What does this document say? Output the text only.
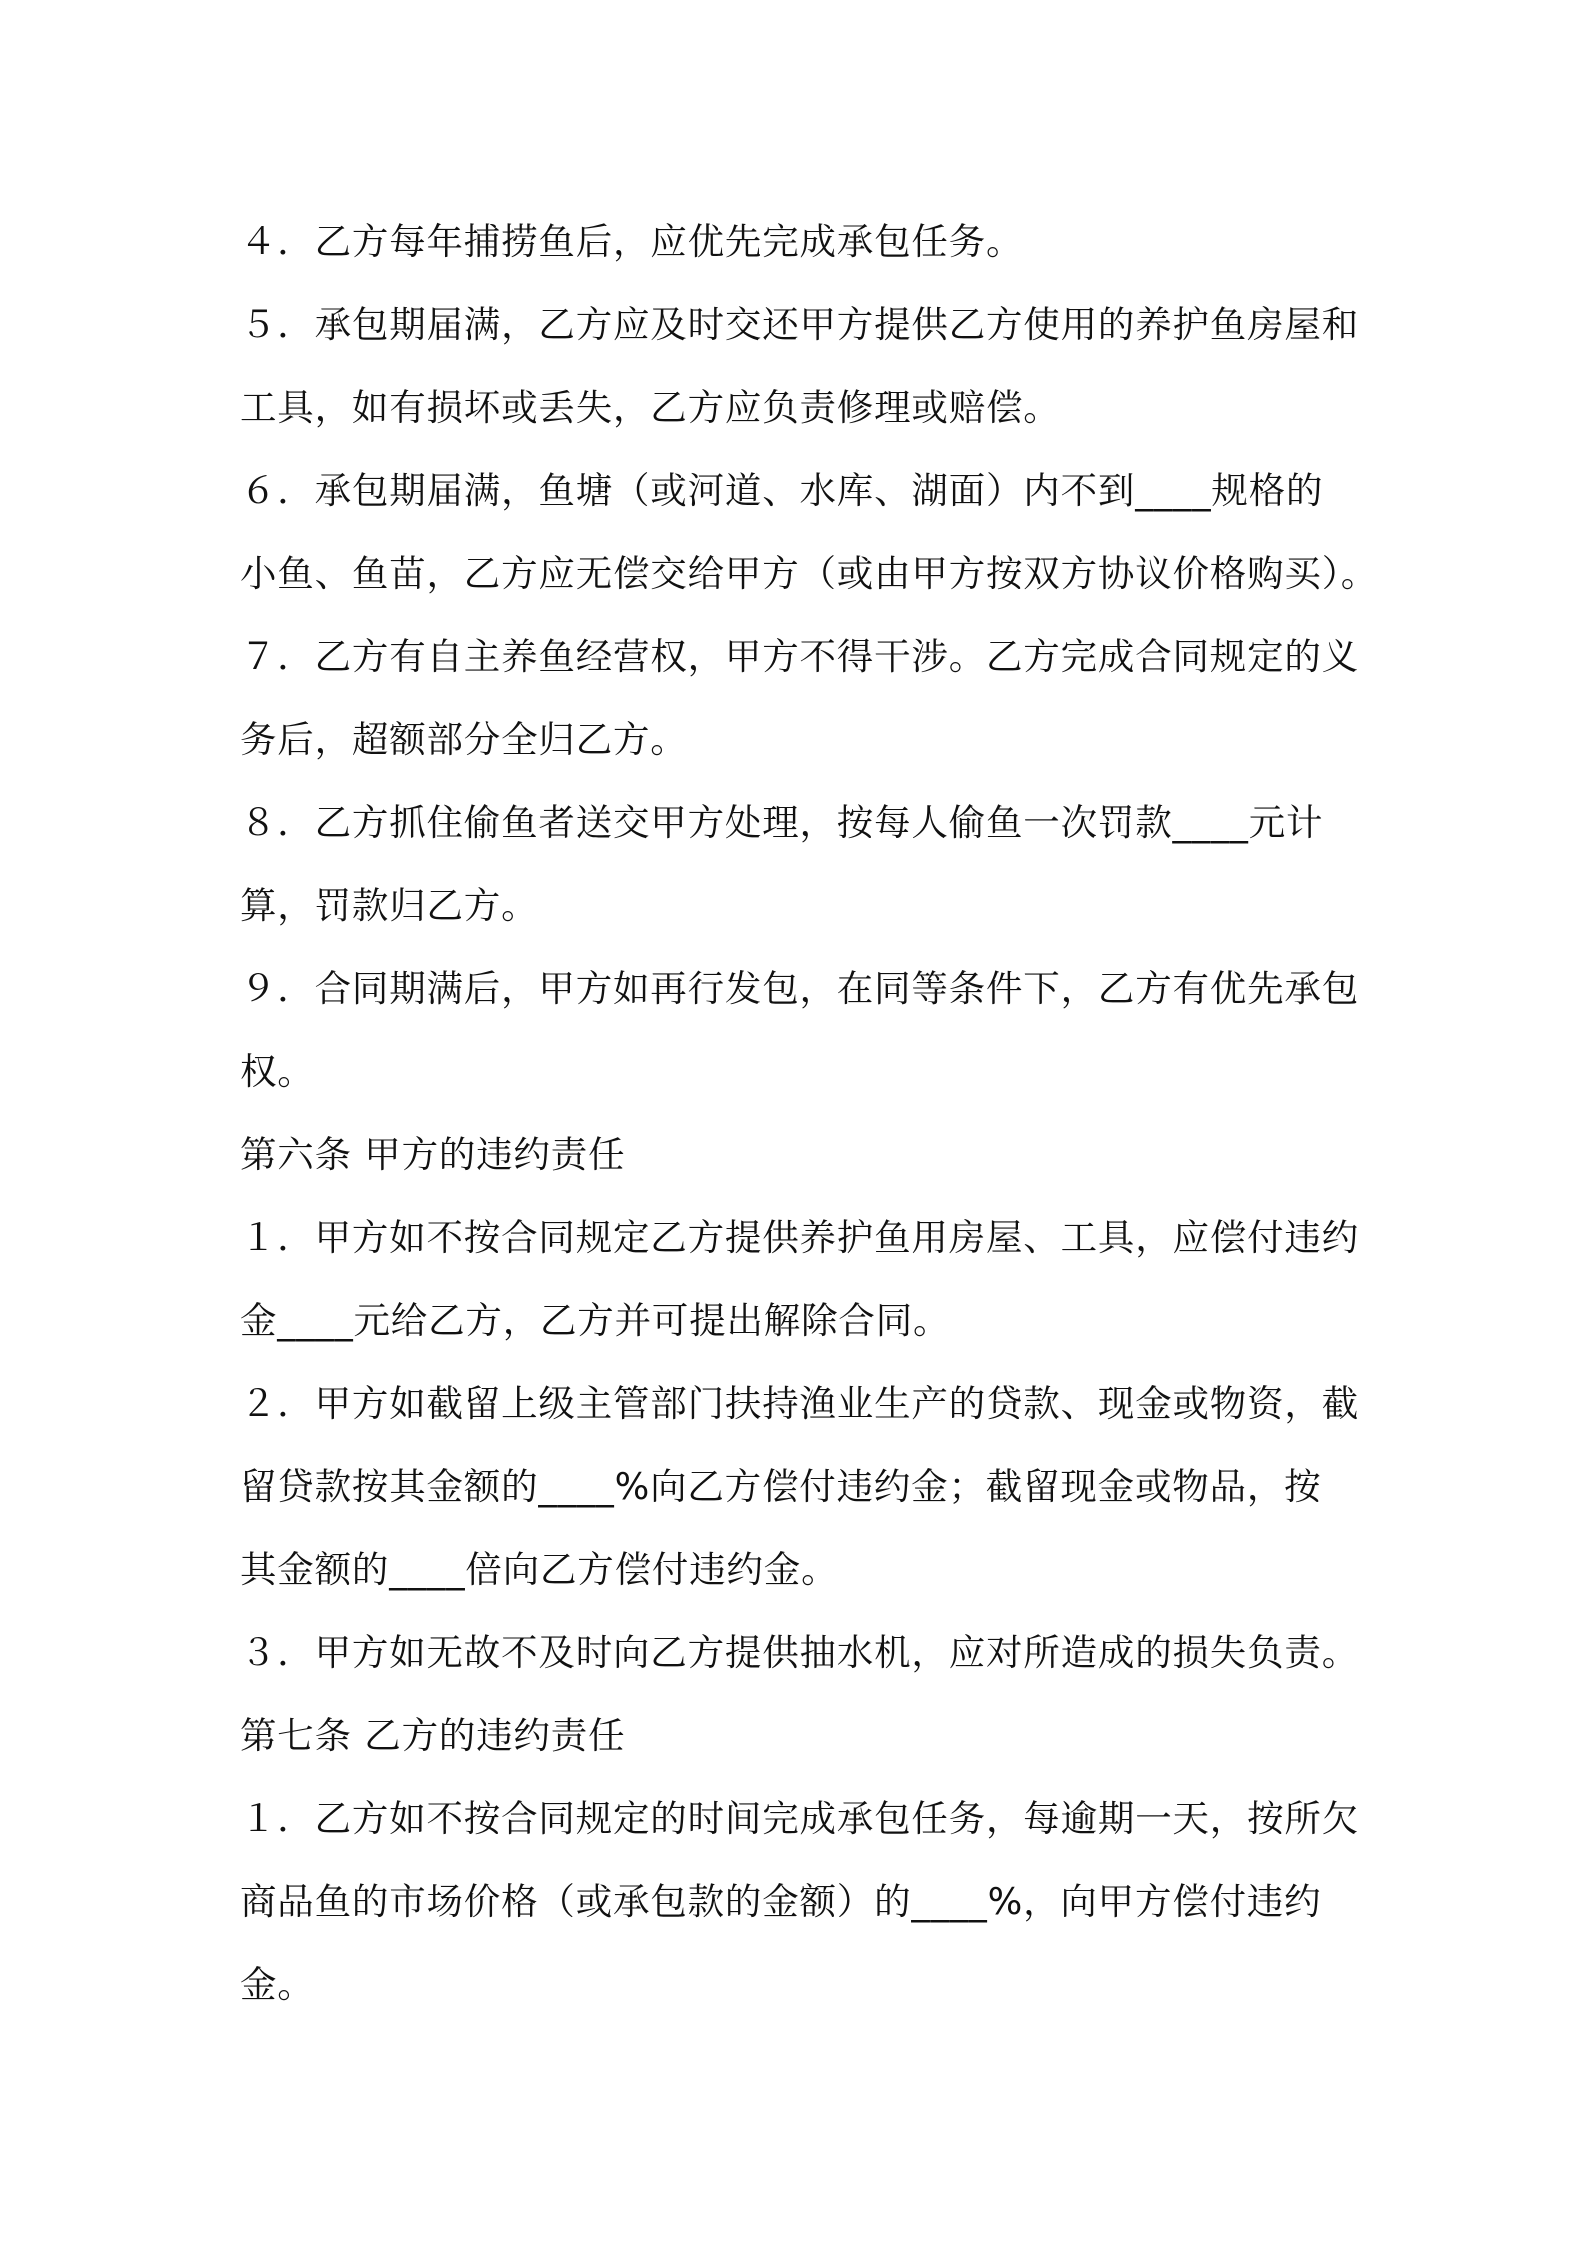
４．乙方每年捕捞鱼后，应优先完成承包任务。
５．承包期届满，乙方应及时交还甲方提供乙方使用的养护鱼房屋和
工具，如有损坏或丢失，乙方应负责修理或赔偿。
６．承包期届满，鱼塘（或河道、水库、湖面）内不到____规格的
小鱼、鱼苗，乙方应无偿交给甲方（或由甲方按双方协议价格购买）。
７．乙方有自主养鱼经营权，甲方不得干涉。乙方完成合同规定的义
务后，超额部分全归乙方。
８．乙方抓住偷鱼者送交甲方处理，按每人偷鱼一次罚款____元计
算，罚款归乙方。
９．合同期满后，甲方如再行发包，在同等条件下，乙方有优先承包
权。
第六条 甲方的违约责任
１．甲方如不按合同规定乙方提供养护鱼用房屋、工具，应偿付违约
金____元给乙方，乙方并可提出解除合同。
２．甲方如截留上级主管部门扶持渔业生产的贷款、现金或物资，截
留贷款按其金额的____%向乙方偿付违约金；截留现金或物品，按
其金额的____倍向乙方偿付违约金。
３．甲方如无故不及时向乙方提供抽水机，应对所造成的损失负责。
第七条 乙方的违约责任
１．乙方如不按合同规定的时间完成承包任务，每逾期一天，按所欠
商品鱼的市场价格（或承包款的金额）的____%，向甲方偿付违约
金。
